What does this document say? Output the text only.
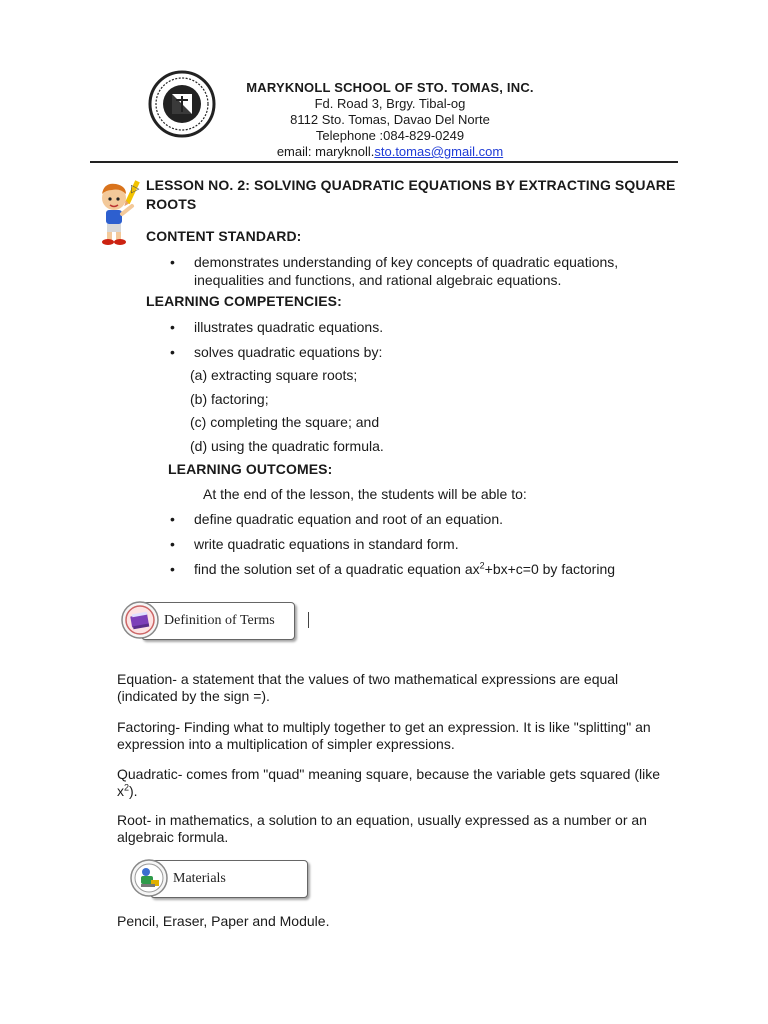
MARYKNOLL SCHOOL OF STO. TOMAS, INC.
Fd. Road 3, Brgy. Tibal-og
8112 Sto. Tomas, Davao Del Norte
Telephone :084-829-0249
email: maryknoll.sto.tomas@gmail.com
▷ LESSON NO. 2: SOLVING QUADRATIC EQUATIONS BY EXTRACTING SQUARE ROOTS
CONTENT STANDARD:
• demonstrates understanding of key concepts of quadratic equations, inequalities and functions, and rational algebraic equations.
LEARNING COMPETENCIES:
• illustrates quadratic equations.
• solves quadratic equations by:
(a) extracting square roots;
(b) factoring;
(c) completing the square; and
(d) using the quadratic formula.
LEARNING OUTCOMES:
At the end of the lesson, the students will be able to:
• define quadratic equation and root of an equation.
• write quadratic equations in standard form.
• find the solution set of a quadratic equation $ax^2+bx+c=0$ by factoring
Definition of Terms
Equation- a statement that the values of two mathematical expressions are equal (indicated by the sign =).
Factoring- Finding what to multiply together to get an expression. It is like "splitting" an expression into a multiplication of simpler expressions.
Quadratic- comes from "quad" meaning square, because the variable gets squared (like $x^2$).
Root- in mathematics, a solution to an equation, usually expressed as a number or an algebraic formula.
Materials
Pencil, Eraser, Paper and Module.
